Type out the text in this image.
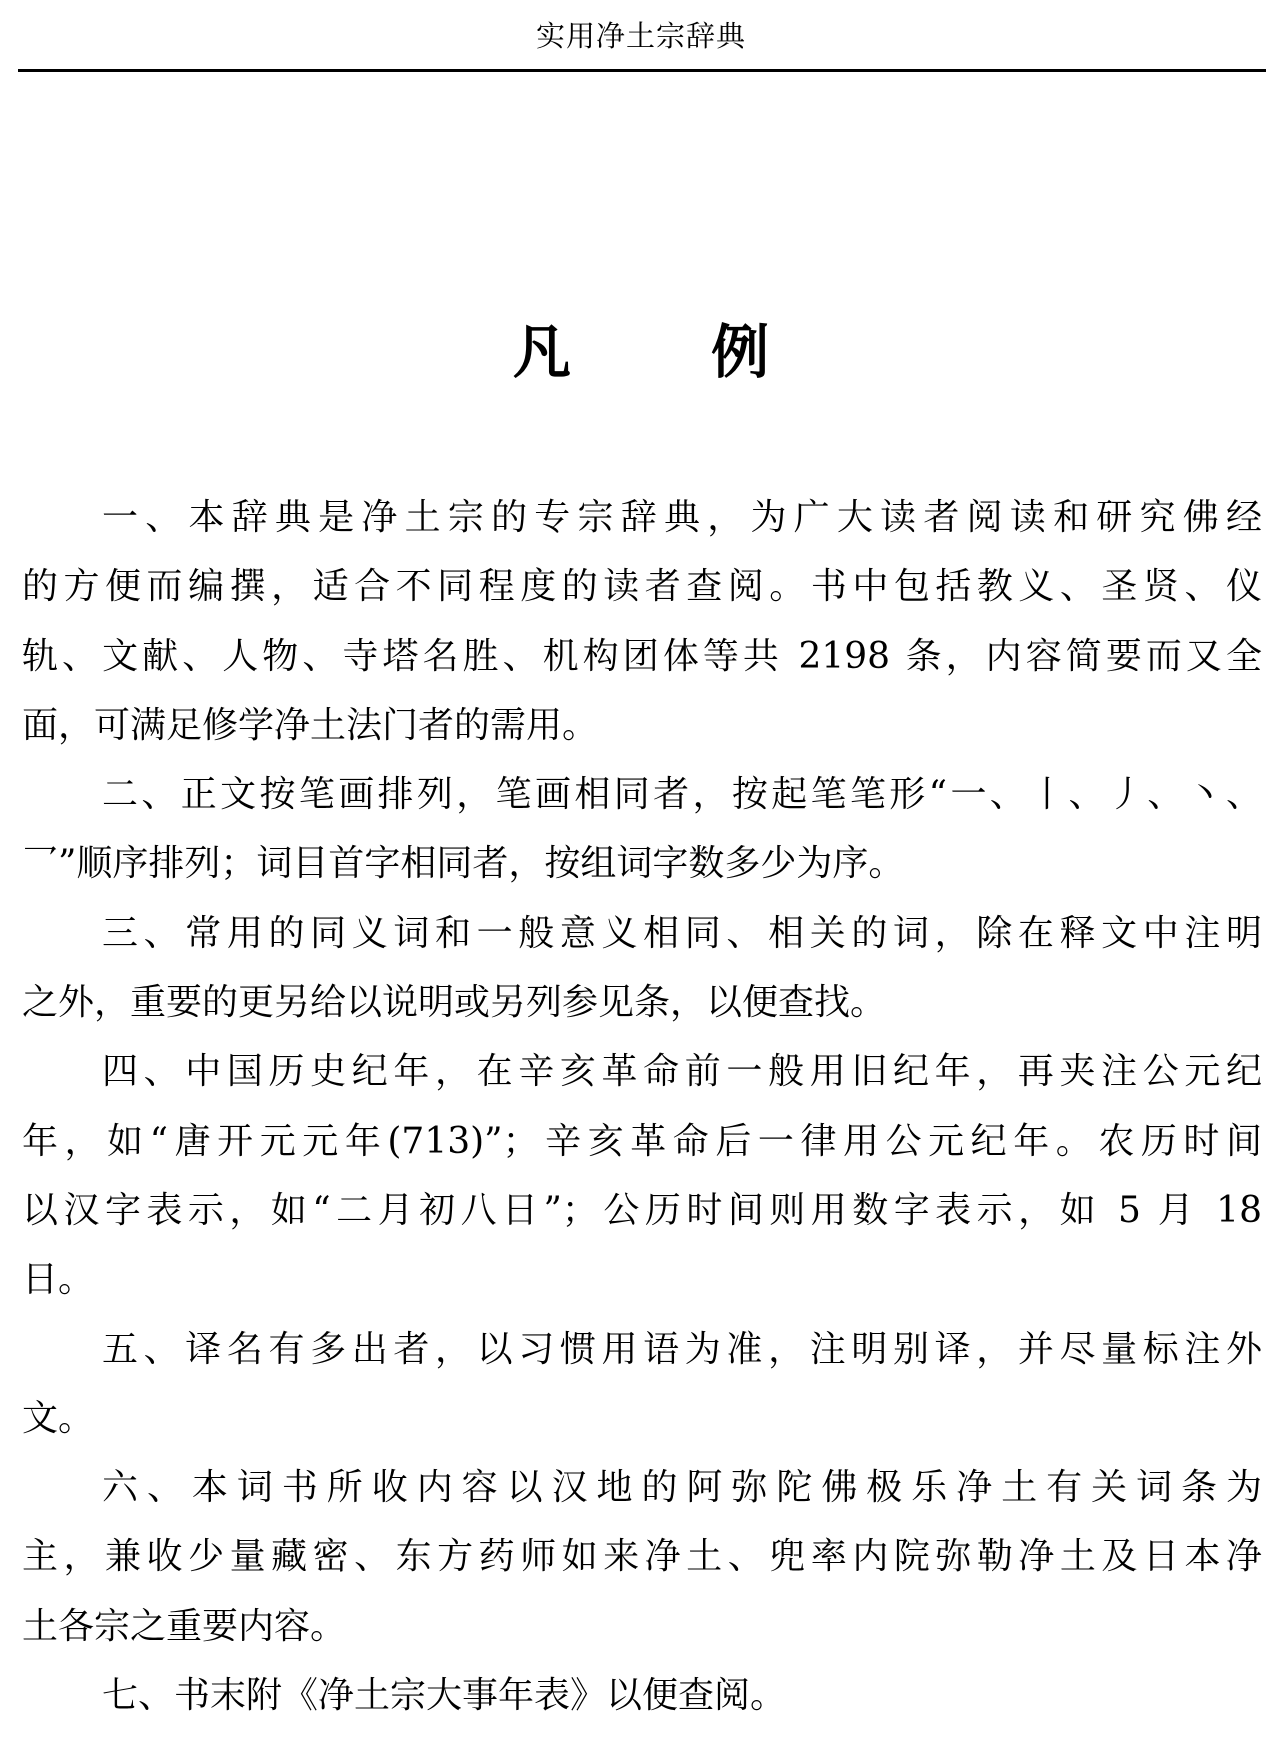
实用净土宗辞典
凡 例
一、本辞典是净土宗的专宗辞典，为广大读者阅读和研究佛经
的方便而编撰，适合不同程度的读者查阅。书中包括教义、圣贤、仪
轨、文献、人物、寺塔名胜、机构团体等共 2198 条，内容简要而又全
面，可满足修学净土法门者的需用。
二、正文按笔画排列，笔画相同者，按起笔笔形“一、丨、丿、丶、
乛”顺序排列；词目首字相同者，按组词字数多少为序。
三、常用的同义词和一般意义相同、相关的词，除在释文中注明
之外，重要的更另给以说明或另列参见条，以便查找。
四、中国历史纪年，在辛亥革命前一般用旧纪年，再夹注公元纪
年，如“唐开元元年(713)”；辛亥革命后一律用公元纪年。农历时间
以汉字表示，如“二月初八日”；公历时间则用数字表示，如 5 月 18
日。
五、译名有多出者，以习惯用语为准，注明别译，并尽量标注外
文。
六、本词书所收内容以汉地的阿弥陀佛极乐净土有关词条为
主，兼收少量藏密、东方药师如来净土、兜率内院弥勒净土及日本净
土各宗之重要内容。
七、书末附《净土宗大事年表》以便查阅。
